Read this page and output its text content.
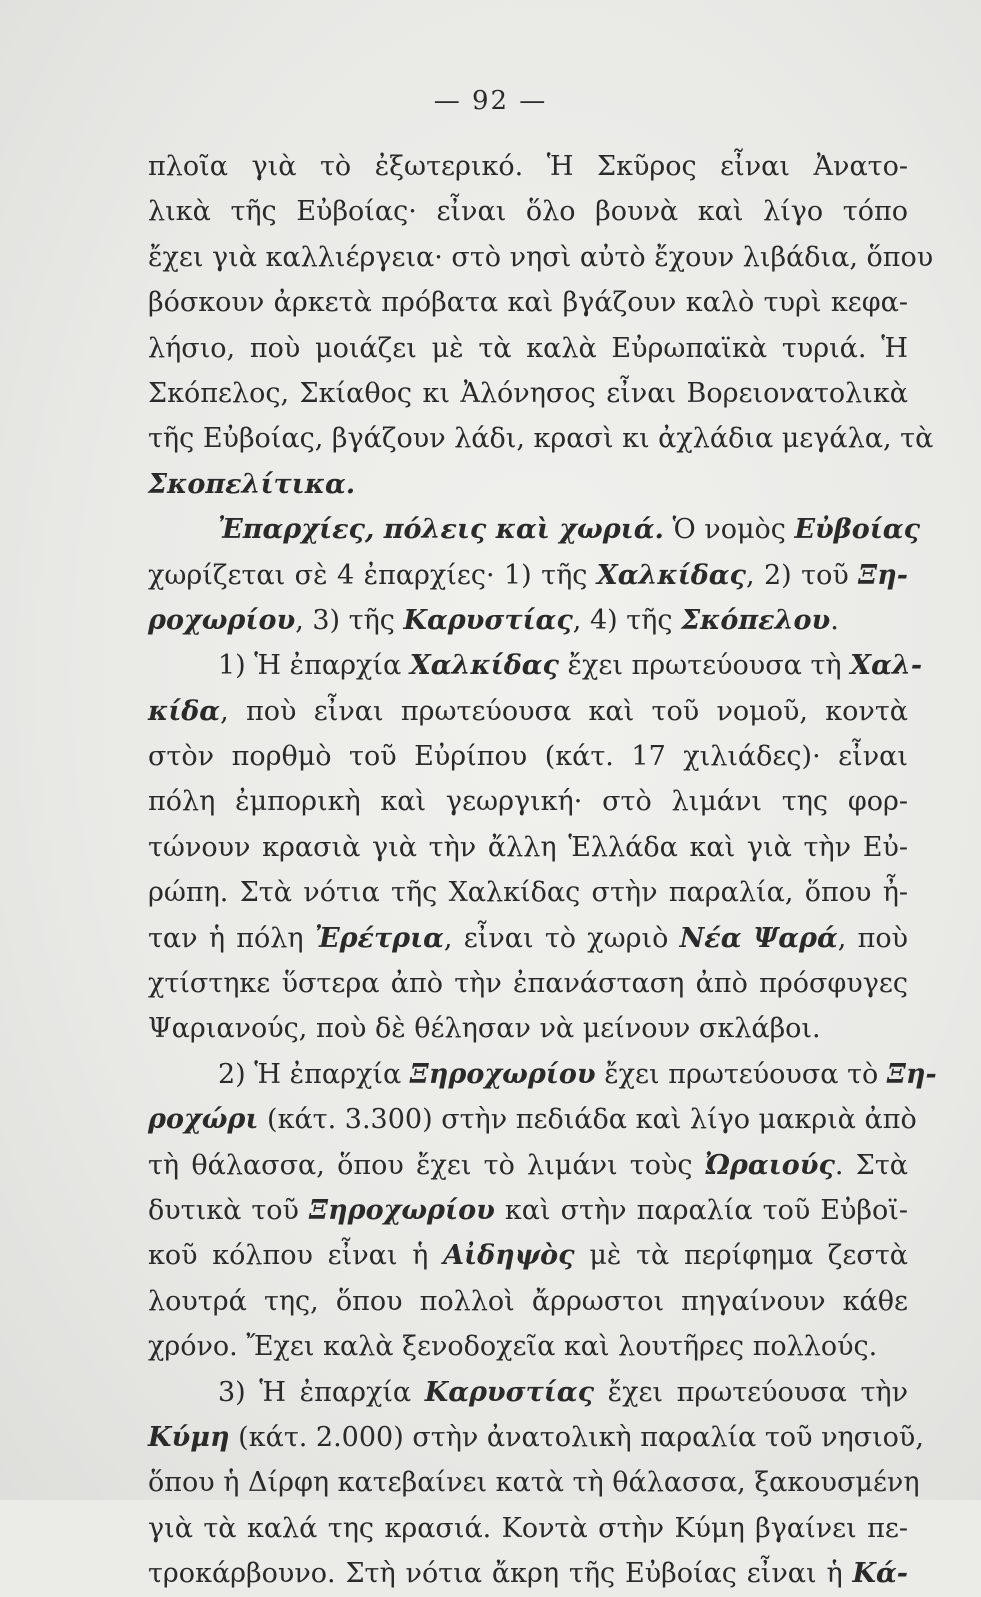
— 92 —
πλοῖα γιὰ τὸ ἐξωτερικό. Ἡ Σκῦρος εἶναι Ἀνατο-
λικὰ τῆς Εὐβοίας· εἶναι ὅλο βουνὰ καὶ λίγο τόπο
ἔχει γιὰ καλλιέργεια· στὸ νησὶ αὐτὸ ἔχουν λιβάδια, ὅπου
βόσκουν ἀρκετὰ πρόβατα καὶ βγάζουν καλὸ τυρὶ κεφα-
λήσιο, ποὺ μοιάζει μὲ τὰ καλὰ Εὐρωπαϊκὰ τυριά. Ἡ
Σκόπελος, Σκίαθος κι Ἀλόνησος εἶναι Βορειονατολικὰ
τῆς Εὐβοίας, βγάζουν λάδι, κρασὶ κι ἀχλάδια μεγάλα, τὰ
Σκοπελίτικα.
Ἐπαρχίες, πόλεις καὶ χωριά. Ὁ νομὸς Εὐβοίας
χωρίζεται σὲ 4 ἐπαρχίες· 1) τῆς Χαλκίδας, 2) τοῦ Ξη-
ροχωρίου, 3) τῆς Καρυστίας, 4) τῆς Σκόπελου.
1) Ἡ ἐπαρχία Χαλκίδας ἔχει πρωτεύουσα τὴ Χαλ-
κίδα, ποὺ εἶναι πρωτεύουσα καὶ τοῦ νομοῦ, κοντὰ
στὸν πορθμὸ τοῦ Εὐρίπου (κάτ. 17 χιλιάδες)· εἶναι
πόλη ἐμπορικὴ καὶ γεωργική· στὸ λιμάνι της φορ-
τώνουν κρασιὰ γιὰ τὴν ἄλλη Ἑλλάδα καὶ γιὰ τὴν Εὐ-
ρώπη. Στὰ νότια τῆς Χαλκίδας στὴν παραλία, ὅπου ἦ-
ταν ἡ πόλη Ἐρέτρια, εἶναι τὸ χωριὸ Νέα Ψαρά, ποὺ
χτίστηκε ὕστερα ἀπὸ τὴν ἐπανάσταση ἀπὸ πρόσφυγες
Ψαριανούς, ποὺ δὲ θέλησαν νὰ μείνουν σκλάβοι.
2) Ἡ ἐπαρχία Ξηροχωρίου ἔχει πρωτεύουσα τὸ Ξη-
ροχώρι (κάτ. 3.300) στὴν πεδιάδα καὶ λίγο μακριὰ ἀπὸ
τὴ θάλασσα, ὅπου ἔχει τὸ λιμάνι τοὺς Ὠραιούς. Στὰ
δυτικὰ τοῦ Ξηροχωρίου καὶ στὴν παραλία τοῦ Εὐβοϊ-
κοῦ κόλπου εἶναι ἡ Αἰδηψὸς μὲ τὰ περίφημα ζεστὰ
λουτρά της, ὅπου πολλοὶ ἄρρωστοι πηγαίνουν κάθε
χρόνο. Ἔχει καλὰ ξενοδοχεῖα καὶ λουτῆρες πολλούς.
3) Ἡ ἐπαρχία Καρυστίας ἔχει πρωτεύουσα τὴν
Κύμη (κάτ. 2.000) στὴν ἀνατολικὴ παραλία τοῦ νησιοῦ,
ὅπου ἡ Δίρφη κατεβαίνει κατὰ τὴ θάλασσα, ξακουσμένη
γιὰ τὰ καλά της κρασιά. Κοντὰ στὴν Κύμη βγαίνει πε-
τροκάρβουνο. Στὴ νότια ἄκρη τῆς Εὐβοίας εἶναι ἡ Κά-
